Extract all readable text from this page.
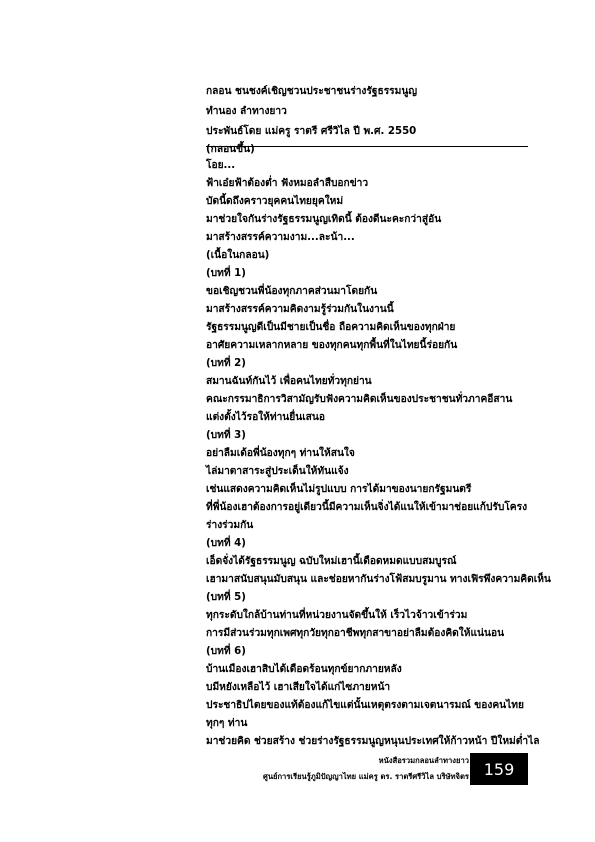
กลอน ชนชงค์เชิญชวนประชาชนร่างรัฐธรรมนูญ
ทำนอง ลำทางยาว
ประพันธ์โดย แม่ครู ราตรี ศรีวิไล ปี พ.ศ. 2550
(กลอนขึ้น)
โอย...
ฟ้าเอ๋ยฟ้าต้องต่ำ ฟังหมอลำสืบอกข่าว
บัดนี้ดถึงคราวยุคคนไทยยุคใหม่
มาช่วยใจกันร่างรัฐธรรมนูญเทิดนี้ ต้องดีนะคะกว่าสู่อัน
มาสร้างสรรค์ความงาม...ละน้า...
(เนื้อในกลอน)
(บทที่ 1)
ขอเชิญชวนพี่น้องทุกภาคส่วนมาโดยกัน
มาสร้างสรรค์ความคิดงามรู้ร่วมกันในงานนี้
รัฐธรรมนูญดีเป็นมีชายเป็นชื่อ ถือความคิดเห็นของทุกฝ่าย
อาศัยความเหลากหลาย ของทุกคนทุกพื้นที่ในไทยนี้ร่อยกัน
(บทที่ 2)
สมานฉันท์กันไว้ เพื่อคนไทยทั่วทุกย่าน
คณะกรรมาธิการวิสามัญรับฟังความคิดเห็นของประชาชนทั่วภาคอีสาน
แต่งตั้งไว้รอให้ท่านยื่นเสนอ
(บทที่ 3)
อย่าลืมเด้อพี่น้องทุกๆ ท่านให้สนใจ
ไล่มาตาสาระสู่ประเด็นให้ทันแจ้ง
เช่นแสดงความคิดเห็นไม่รูปแบบ การได้มาของนายกรัฐมนตรี
ที่พี่น้องเฮาต้องการอยู่เดียวนี้มีความเห็นจิ่งได้แนให้เข้ามาช่อยแก้ปรับโครง
ร่างร่วมกัน
(บทที่ 4)
เอ็ดจั่งได้รัฐธรรมนูญ ฉบับใหม่เฮานี้เดือดหมดแบบสมบูรณ์
เฮามาสนับสนุนมับสนุน และช่อยหากันร่างโฟ้สมบรูมาน ทางเฟิรพึงความคิดเห็น
(บทที่ 5)
ทุกระดับใกล้บ้านท่านที่หน่วยงานจัดขึ้นให้ เร็วไวจ้าวเข้าร่วม
การมีส่วนร่วมทุกเพศทุกวัยทุกอาชีพทุกสาขาอย่าลืมต้องคิดให้แน่นอน
(บทที่ 6)
บ้านเมืองเฮาสิบได้เดือดร้อนทุกข์ยากภายหลัง
บมีหยังเหลือไว้ เฮาเสียใจได้แก่ไซภายหน้า
ประชาธิปไตยของแท้ต้องแก้ไขแต่นั้นเหตุตรงตามเจตนารมณ์ ของคนไทย
ทุกๆ ท่าน
มาช่วยคิด ช่วยสร้าง ช่วยร่างรัฐธรรมนูญหนุนประเทศให้ก้าวหน้า ปีใหม่ต่ำไล
หนังสือรวมกลอนลำทางยาว
ศูนย์การเรียนรู้ภูมิปัญญาไทย แม่ครู ดร. ราตรีศรีวิไล บริษัทจิตร 159
